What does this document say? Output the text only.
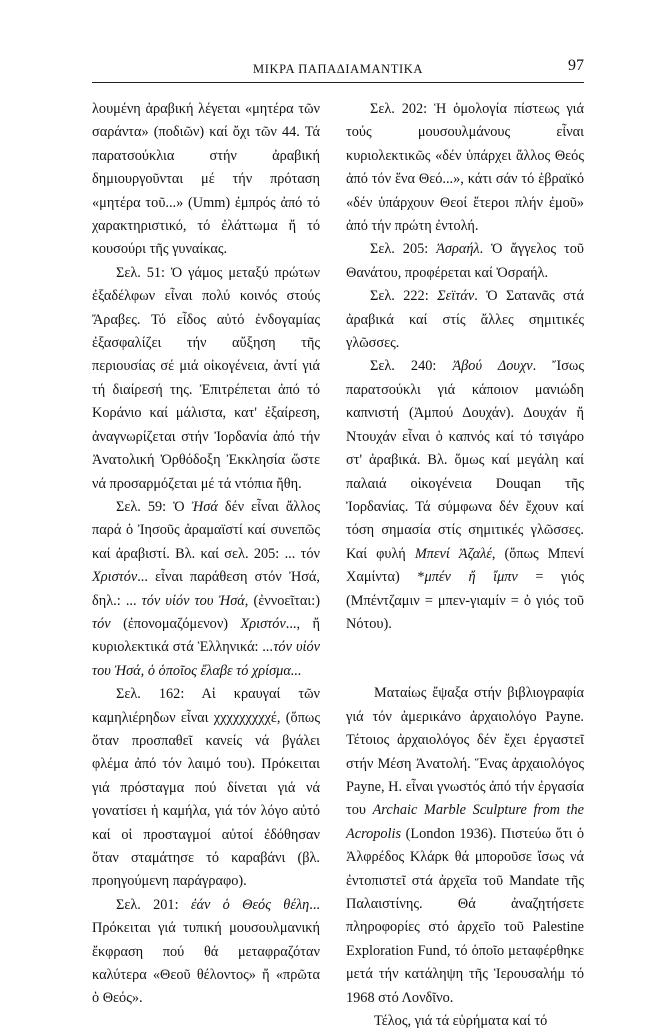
ΜΙΚΡΑ ΠΑΠΑΔΙΑΜΑΝΤΙΚΑ	97

λουμένη ἀραβική λέγεται «μητέρα τῶν σαράντα» (ποδιῶν) καί ὄχι τῶν 44. Τά παρατσούκλια στήν ἀραβική δημιουργοῦνται μέ τήν πρόταση «μητέρα τοῦ...» (Umm) ἐμπρός ἀπό τό χαρακτηριστικό, τό ἐλάττωμα ἤ τό κουσούρι τῆς γυναίκας.

Σελ. 51: Ὁ γάμος μεταξύ πρώτων ἐξαδέλφων εἶναι πολύ κοινός στούς Ἄραβες. Τό εἶδος αὐτό ἐνδογαμίας ἐξασφαλίζει τήν αὔξηση τῆς περιουσίας σέ μιά οἰκογένεια, ἀντί γιά τή διαίρεσή της. Ἐπιτρέπεται ἀπό τό Κοράνιο καί μάλιστα, κατ' ἐξαίρεση, ἀναγνωρίζεται στήν Ἰορδανία ἀπό τήν Ἀνατολική Ὀρθόδοξη Ἐκκλησία ὥστε νά προσαρμόζεται μέ τά ντόπια ἤθη.

Σελ. 59: Ὁ Ἠσά δέν εἶναι ἄλλος παρά ὁ Ἰησοῦς ἀραμαϊστί καί συνεπῶς καί ἀραβιστί. Βλ. καί σελ. 205: ... τόν Χριστόν... εἶναι παράθεση στόν Ἠσά, δηλ.: ... τόν υἱόν του Ἠσά, (ἐννοεῖται:) τόν (ἐπονομαζόμενον) Χριστόν..., ἤ κυριολεκτικά στά Ἑλληνικά: ...τόν υἱόν του Ἠσά, ὁ ὁποῖος ἔλαβε τό χρίσμα...

Σελ. 162: Αἱ κραυγαί τῶν καμηλιέρηδων εἶναι χχχχχχχχχέ, (ὅπως ὅταν προσπαθεῖ κανείς νά βγάλει φλέμα ἀπό τόν λαιμό του). Πρόκειται γιά πρόσταγμα πού δίνεται γιά νά γονατίσει ἡ καμήλα, γιά τόν λόγο αὐτό καί οἱ προσταγμοί αὐτοί ἐδόθησαν ὅταν σταμάτησε τό καραβάνι (βλ. προηγούμενη παράγραφο).

Σελ. 201: ἐάν ὁ Θεός θέλη... Πρόκειται γιά τυπική μουσουλμανική ἔκφραση πού θά μεταφραζόταν καλύτερα «Θεοῦ θέλοντος» ἤ «πρῶτα ὁ Θεός».

Σελ. 202: Ἡ ὁμολογία πίστεως γιά τούς μουσουλμάνους εἶναι κυριολεκτικῶς «δέν ὑπάρχει ἄλλος Θεός ἀπό τόν ἕνα Θεό...», κάτι σάν τό ἑβραϊκό «δέν ὑπάρχουν Θεοί ἕτεροι πλήν ἐμοῦ» ἀπό τήν πρώτη ἐντολή.

Σελ. 205: Ἀσραήλ. Ὁ ἄγγελος τοῦ Θανάτου, προφέρεται καί Ὀσραήλ.

Σελ. 222: Σεϊτάν. Ὁ Σατανᾶς στά ἀραβικά καί στίς ἄλλες σημιτικές γλῶσσες.

Σελ. 240: Ἀβού Δουχν. Ἴσως παρατσούκλι γιά κάποιον μανιώδη καπνιστή (Ἀμπού Δουχάν). Δουχάν ἤ Ντουχάν εἶναι ὁ καπνός καί τό τσιγάρο στ' ἀραβικά. Βλ. ὅμως καί μεγάλη καί παλαιά οἰκογένεια Douqan τῆς Ἰορδανίας. Τά σύμφωνα δέν ἔχουν καί τόση σημασία στίς σημιτικές γλῶσσες. Καί φυλή Μπενί Ἀζαλέ, (ὅπως Μπενί Χαμίντα) *μπέν ἤ ἴμπν = γιός (Μπέντζαμιν = μπεν-γιαμίν = ὁ γιός τοῦ Νότου).

Ματαίως ἔψαξα στήν βιβλιογραφία γιά τόν ἀμερικάνο ἀρχαιολόγο Payne. Τέτοιος ἀρχαιολόγος δέν ἔχει ἐργαστεῖ στήν Μέση Ἀνατολή. Ἕνας ἀρχαιολόγος Payne, H. εἶναι γνωστός ἀπό τήν ἐργασία του Archaic Marble Sculpture from the Acropolis (London 1936). Πιστεύω ὅτι ὁ Ἀλφρέδος Κλάρκ θά μποροῦσε ἴσως νά ἐντοπιστεῖ στά ἀρχεῖα τοῦ Mandate τῆς Παλαιστίνης. Θά ἀναζητήσετε πληροφορίες στό ἀρχεῖο τοῦ Palestine Exploration Fund, τό ὁποῖο μεταφέρθηκε μετά τήν κατάληψη τῆς Ἱερουσαλήμ τό 1968 στό Λονδῖνο.

Τέλος, γιά τά εὑρήματα καί τό
